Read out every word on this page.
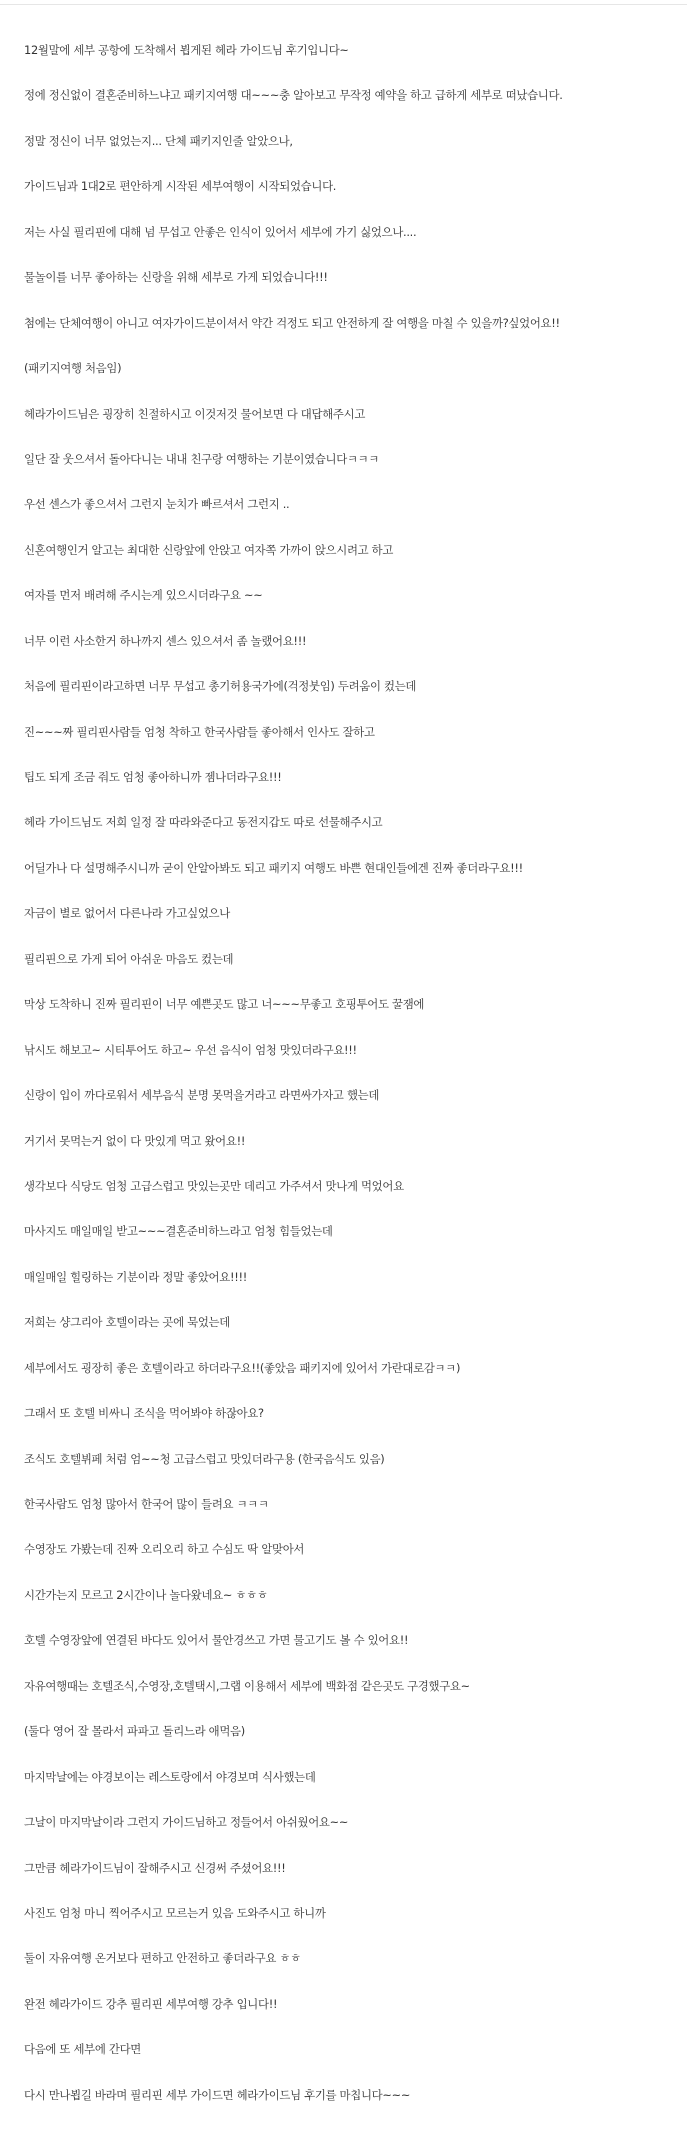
12월말에 세부 공항에 도착해서 뵙게된 헤라 가이드님 후기입니다~
정에 정신없이 결혼준비하느냐고 패키지여행 대~~~충 알아보고 무작정 예약을 하고 급하게 세부로 떠났습니다.
정말 정신이 너무 없었는지... 단체 패키지인줄 알았으나,
가이드님과 1대2로 편안하게 시작된 세부여행이 시작되었습니다.
저는 사실 필리핀에 대해 넘 무섭고 안좋은 인식이 있어서 세부에 가기 싫었으나....
물놀이를 너무 좋아하는 신랑을 위해 세부로 가게 되었습니다!!!
첨에는 단체여행이 아니고 여자가이드분이셔서 약간 걱정도 되고 안전하게 잘 여행을 마칠 수 있을까?싶었어요!!
(패키지여행 처음임)
헤라가이드님은 굉장히 친절하시고 이것저것 물어보면 다 대답해주시고
일단 잘 웃으셔서 돌아다니는 내내 친구랑 여행하는 기분이였습니다ㅋㅋㅋ
우선 센스가 좋으셔서 그런지 눈치가 빠르셔서 그런지 ..
신혼여행인거 알고는 최대한 신랑앞에 안앉고 여자쪽 가까이 앉으시려고 하고
여자를 먼저 배려해 주시는게 있으시더라구요 ~~
너무 이런 사소한거 하나까지 센스 있으셔서 좀 놀랬어요!!!
처음에 필리핀이라고하면 너무 무섭고 총기허용국가에(걱정붓임) 두려움이 컸는데
진~~~짜 필리핀사람들 엄청 착하고 한국사람들 좋아해서 인사도 잘하고
팁도 되게 조금 줘도 엄청 좋아하니까 젬나더라구요!!!
헤라 가이드님도 저희 일정 잘 따라와준다고 동전지갑도 따로 선물해주시고
어딜가나 다 설명해주시니까 굳이 안알아봐도 되고 패키지 여행도 바쁜 현대인들에겐 진짜 좋더라구요!!!
자금이 별로 없어서 다른나라 가고싶었으나
필리핀으로 가게 되어 아쉬운 마음도 컸는데
막상 도착하니 진짜 필리핀이 너무 예쁜곳도 많고 너~~~무좋고 호핑투어도 꿀잼에
낚시도 해보고~ 시티투어도 하고~ 우선 음식이 엄청 맛있더라구요!!!
신랑이 입이 까다로워서 세부음식 분명 못먹을거라고 라면싸가자고 했는데
거기서 못먹는거 없이 다 맛있게 먹고 왔어요!!
생각보다 식당도 엄청 고급스럽고 맛있는곳만 데리고 가주셔서 맛나게 먹었어요
마사지도 매일매일 받고~~~결혼준비하느라고 엄청 힘들었는데
매일매일 힐링하는 기분이라 정말 좋았어요!!!!
저희는 샹그리아 호텔이라는 곳에 묵었는데
세부에서도 굉장히 좋은 호텔이라고 하더라구요!!(좋았음 패키지에 있어서 가란대로감ㅋㅋ)
그래서 또 호텔 비싸니 조식을 먹어봐야 하잖아요?
조식도 호텔뷔페 처럼 엄~~청 고급스럽고 맛있더라구용 (한국음식도 있음)
한국사람도 엄청 많아서 한국어 많이 들려요 ㅋㅋㅋ
수영장도 가봤는데 진짜 오리오리 하고 수심도 딱 알맞아서
시간가는지 모르고 2시간이나 놀다왔네요~ ㅎㅎㅎ
호텔 수영장앞에 연결된 바다도 있어서 물안경쓰고 가면 물고기도 볼 수 있어요!!
자유여행때는 호텔조식,수영장,호텔택시,그랩 이용해서 세부에 백화점 같은곳도 구경했구요~
(둘다 영어 잘 몰라서 파파고 돌리느라 애먹음)
마지막날에는 야경보이는 레스토랑에서 야경보며 식사했는데
그날이 마지막날이라 그런지 가이드님하고 정들어서 아쉬웠어요~~
그만큼 헤라가이드님이 잘해주시고 신경써 주셨어요!!!
사진도 엄청 마니 찍어주시고 모르는거 있음 도와주시고 하니까
둘이 자유여행 온거보다 편하고 안전하고 좋더라구요 ㅎㅎ
완전 헤라가이드 강추 필리핀 세부여행 강추 입니다!!
다음에 또 세부에 간다면
다시 만나뵙길 바라며 필리핀 세부 가이드면 헤라가이드님 후기를 마칩니다~~~
